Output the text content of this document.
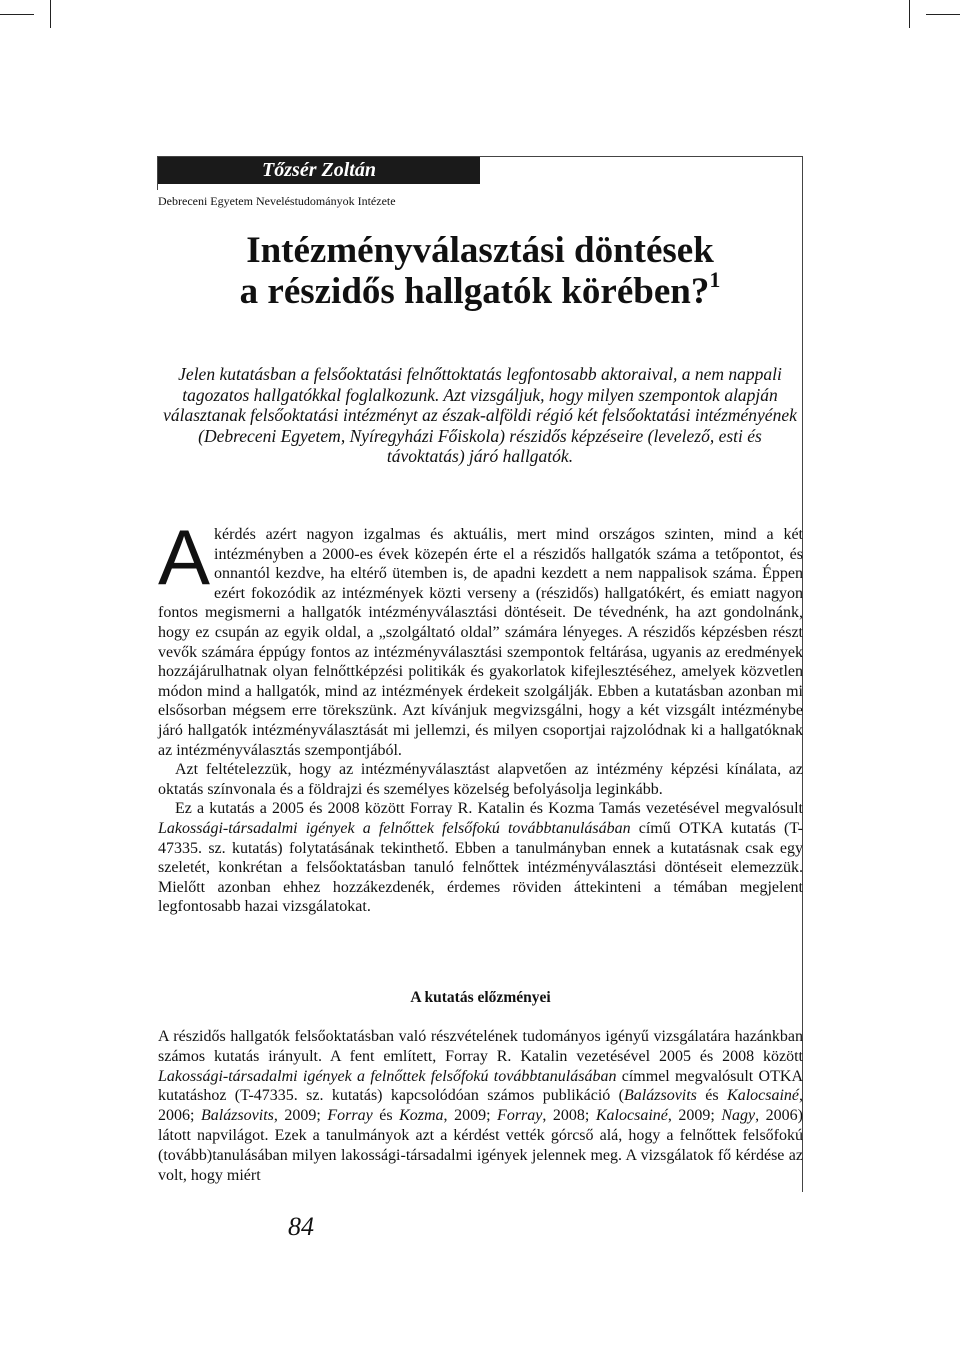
Tőzsér Zoltán
Debreceni Egyetem Neveléstudományok Intézete
Intézményválasztási döntések
a részidős hallgatók körében?$^1$

Jelen kutatásban a felsőoktatási felnőttoktatás legfontosabb aktoraival, a nem nappali tagozatos hallgatókkal foglalkozunk. Azt vizsgáljuk, hogy milyen szempontok alapján választanak felsőoktatási intézményt az észak-alföldi régió két felsőoktatási intézményének (Debreceni Egyetem, Nyíregyházi Főiskola) részidős képzéseire (levelező, esti és távoktatás) járó hallgatók.

A kérdés azért nagyon izgalmas és aktuális, mert mind országos szinten, mind a két intézményben a 2000-es évek közepén érte el a részidős hallgatók száma a tetőpontot, és onnantól kezdve, ha eltérő ütemben is, de apadni kezdett a nem nappalisok száma. Éppen ezért fokozódik az intézmények közti verseny a (részidős) hallgatókért, és emiatt nagyon fontos megismerni a hallgatók intézményválasztási döntéseit. De tévednénk, ha azt gondolnánk, hogy ez csupán az egyik oldal, a „szolgáltató oldal” számára lényeges. A részidős képzésben részt vevők számára éppúgy fontos az intézményválasztási szempontok feltárása, ugyanis az eredmények hozzájárulhatnak olyan felnőttképzési politikák és gyakorlatok kifejlesztéséhez, amelyek közvetlen módon mind a hallgatók, mind az intézmények érdekeit szolgálják. Ebben a kutatásban azonban mi elsősorban mégsem erre törekszünk. Azt kívánjuk megvizsgálni, hogy a két vizsgált intézménybe járó hallgatók intézményválasztását mi jellemzi, és milyen csoportjai rajzolódnak ki a hallgatóknak az intézményválasztás szempontjából.

Azt feltételezzük, hogy az intézményválasztást alapvetően az intézmény képzési kínálata, az oktatás színvonala és a földrajzi és személyes közelség befolyásolja leginkább.

Ez a kutatás a 2005 és 2008 között Forray R. Katalin és Kozma Tamás vezetésével megvalósult Lakossági-társadalmi igények a felnőttek felsőfokú továbbtanulásában című OTKA kutatás (T-47335. sz. kutatás) folytatásának tekinthető. Ebben a tanulmányban ennek a kutatásnak csak egy szeletét, konkrétan a felsőoktatásban tanuló felnőttek intézményválasztási döntéseit elemezzük. Mielőtt azonban ehhez hozzákezdenék, érdemes röviden áttekinteni a témában megjelent legfontosabb hazai vizsgálatokat.

A kutatás előzményei

A részidős hallgatók felsőoktatásban való részvételének tudományos igényű vizsgálatára hazánkban számos kutatás irányult. A fent említett, Forray R. Katalin vezetésével 2005 és 2008 között Lakossági-társadalmi igények a felnőttek felsőfokú továbbtanulásában címmel megvalósult OTKA kutatáshoz (T-47335. sz. kutatás) kapcsolódóan számos publikáció (Balázsovits és Kalocsainé, 2006; Balázsovits, 2009; Forray és Kozma, 2009; Forray, 2008; Kalocsainé, 2009; Nagy, 2006) látott napvilágot. Ezek a tanulmányok azt a kérdést vették górcső alá, hogy a felnőttek felsőfokú (tovább)tanulásában milyen lakossági-társadalmi igények jelennek meg. A vizsgálatok fő kérdése az volt, hogy miért

84
